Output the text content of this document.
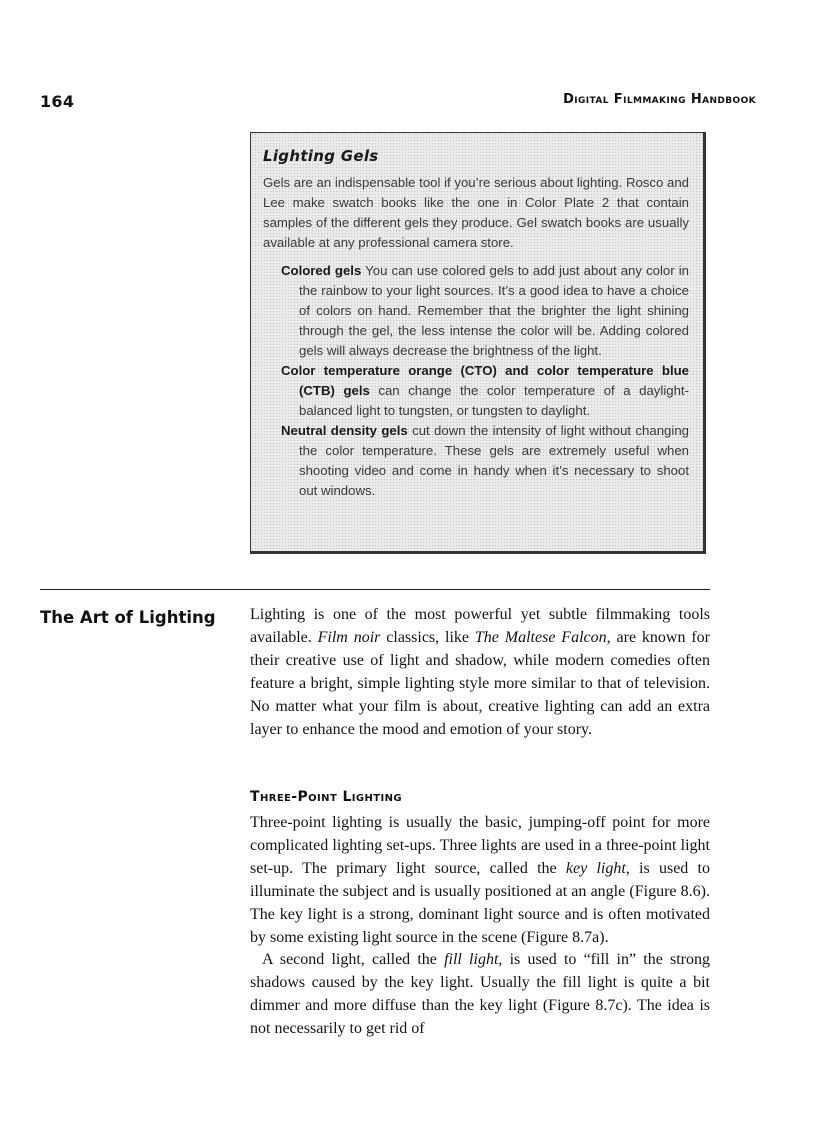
164	Digital Filmmaking Handbook
Lighting Gels

Gels are an indispensable tool if you’re serious about lighting. Rosco and Lee make swatch books like the one in Color Plate 2 that contain samples of the different gels they produce. Gel swatch books are usually available at any professional camera store.

Colored gels You can use colored gels to add just about any color in the rainbow to your light sources. It’s a good idea to have a choice of colors on hand. Remember that the brighter the light shining through the gel, the less intense the color will be. Adding colored gels will always decrease the brightness of the light.
Color temperature orange (CTO) and color temperature blue (CTB) gels can change the color temperature of a daylight-balanced light to tungsten, or tungsten to daylight.
Neutral density gels cut down the intensity of light without changing the color temperature. These gels are extremely useful when shooting video and come in handy when it’s necessary to shoot out windows.
The Art of Lighting Lighting is one of the most powerful yet subtle filmmaking tools available. Film noir classics, like The Maltese Falcon, are known for their creative use of light and shadow, while modern comedies often feature a bright, simple lighting style more similar to that of television. No matter what your film is about, creative lighting can add an extra layer to enhance the mood and emotion of your story.

Three-Point Lighting

Three-point lighting is usually the basic, jumping-off point for more complicated lighting set-ups. Three lights are used in a three-point light set-up. The primary light source, called the key light, is used to illuminate the subject and is usually positioned at an angle (Figure 8.6). The key light is a strong, dominant light source and is often motivated by some existing light source in the scene (Figure 8.7a).

A second light, called the fill light, is used to “fill in” the strong shadows caused by the key light. Usually the fill light is quite a bit dimmer and more diffuse than the key light (Figure 8.7c). The idea is not necessarily to get rid of
